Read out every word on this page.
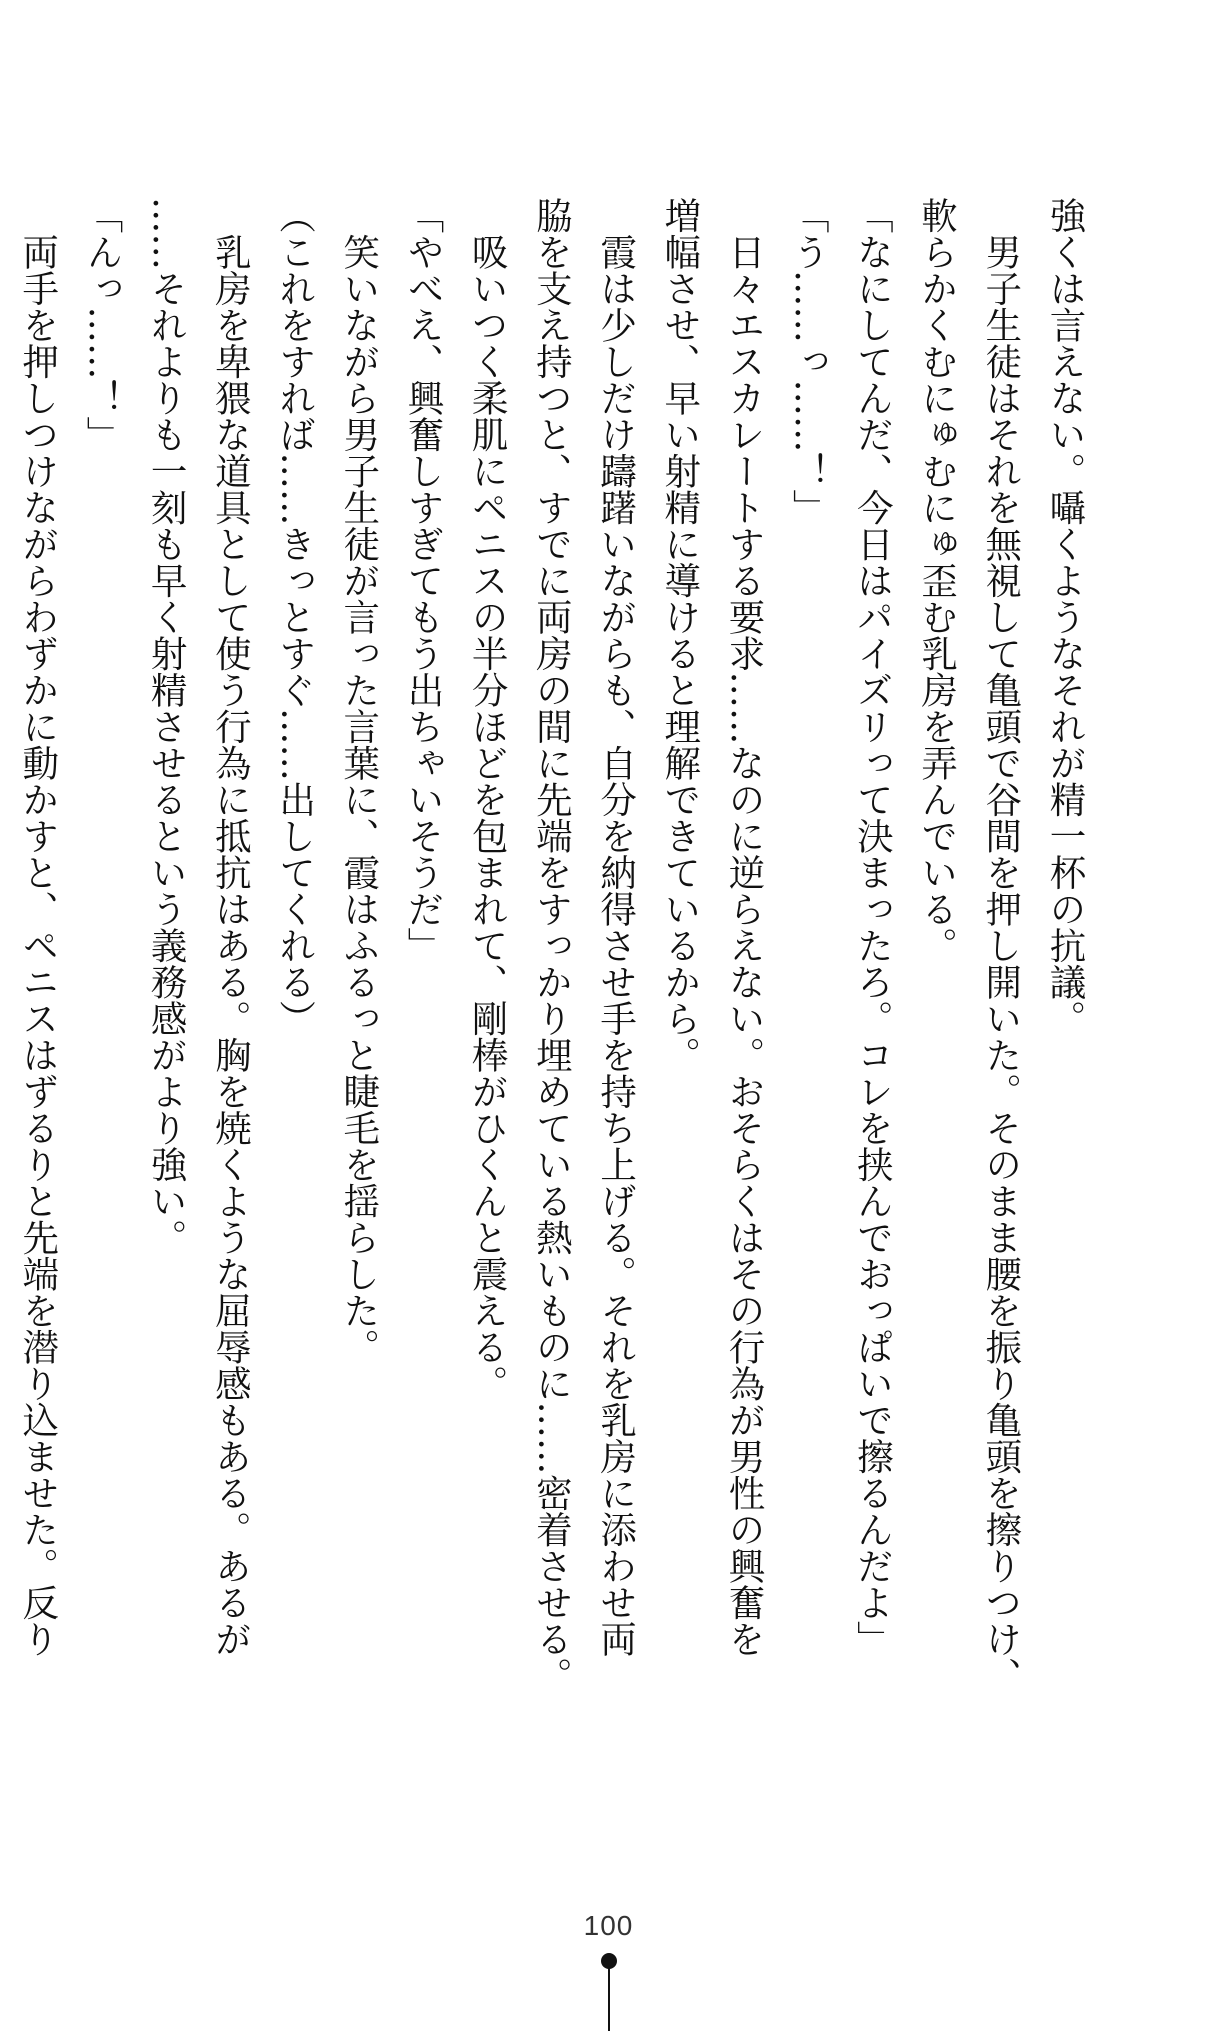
強くは言えない。囁くようなそれが精一杯の抗議。
　男子生徒はそれを無視して亀頭で谷間を押し開いた。そのまま腰を振り亀頭を擦りつけ、
軟らかくむにゅむにゅ歪む乳房を弄んでいる。
「なにしてんだ、今日はパイズリって決まったろ。コレを挟んでおっぱいで擦るんだよ」
「う……っ……！」
　日々エスカレートする要求……なのに逆らえない。おそらくはその行為が男性の興奮を
増幅させ、早い射精に導けると理解できているから。
　霞は少しだけ躊躇いながらも、自分を納得させ手を持ち上げる。それを乳房に添わせ両
脇を支え持つと、すでに両房の間に先端をすっかり埋めている熱いものに……密着させる。
　吸いつく柔肌にペニスの半分ほどを包まれて、剛棒がひくんと震える。
「やべえ、興奮しすぎてもう出ちゃいそうだ」
　笑いながら男子生徒が言った言葉に、霞はふるっと睫毛を揺らした。
（これをすれば……きっとすぐ……出してくれる）
　乳房を卑猥な道具として使う行為に抵抗はある。胸を焼くような屈辱感もある。あるが
……それよりも一刻も早く射精させるという義務感がより強い。
「んっ……！」
　両手を押しつけながらわずかに動かすと、ペニスはずるりと先端を潜り込ませた。反り
100
